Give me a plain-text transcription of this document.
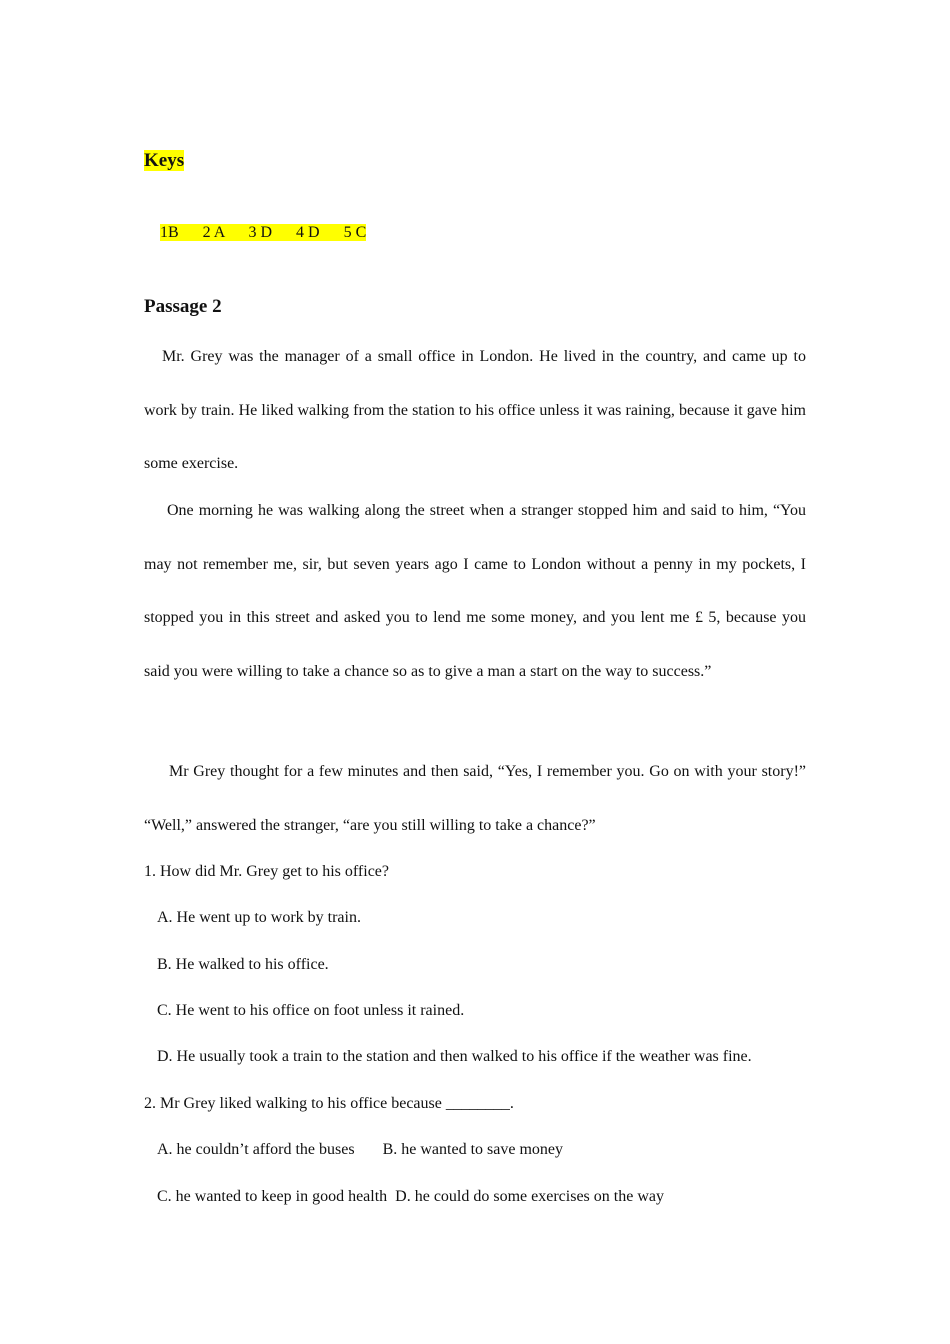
Keys

1B      2 A      3 D      4 D      5 C

Passage 2

Mr. Grey was the manager of a small office in London. He lived in the country, and came up to work by train. He liked walking from the station to his office unless it was raining, because it gave him some exercise.

One morning he was walking along the street when a stranger stopped him and said to him, “You may not remember me, sir, but seven years ago I came to London without a penny in my pockets, I stopped you in this street and asked you to lend me some money, and you lent me £ 5, because you said you were willing to take a chance so as to give a man a start on the way to success.”

Mr Grey thought for a few minutes and then said, “Yes, I remember you. Go on with your story!” “Well,” answered the stranger, “are you still willing to take a chance?”

1. How did Mr. Grey get to his office?

A. He went up to work by train.

B. He walked to his office.

C. He went to his office on foot unless it rained.

D. He usually took a train to the station and then walked to his office if the weather was fine.

2. Mr Grey liked walking to his office because ________.

A. he couldn’t afford the buses       B. he wanted to save money

C. he wanted to keep in good health  D. he could do some exercises on the way
